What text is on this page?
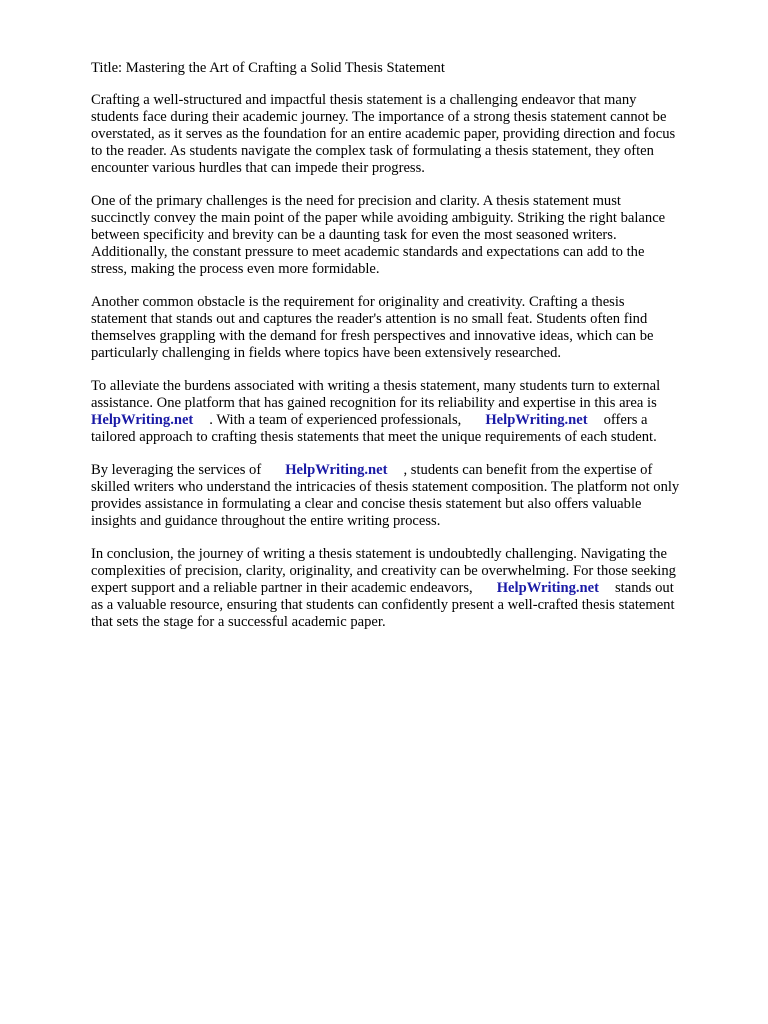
Title: Mastering the Art of Crafting a Solid Thesis Statement
Crafting a well-structured and impactful thesis statement is a challenging endeavor that many
students face during their academic journey. The importance of a strong thesis statement cannot be
overstated, as it serves as the foundation for an entire academic paper, providing direction and focus
to the reader. As students navigate the complex task of formulating a thesis statement, they often
encounter various hurdles that can impede their progress.
One of the primary challenges is the need for precision and clarity. A thesis statement must
succinctly convey the main point of the paper while avoiding ambiguity. Striking the right balance
between specificity and brevity can be a daunting task for even the most seasoned writers.
Additionally, the constant pressure to meet academic standards and expectations can add to the
stress, making the process even more formidable.
Another common obstacle is the requirement for originality and creativity. Crafting a thesis
statement that stands out and captures the reader's attention is no small feat. Students often find
themselves grappling with the demand for fresh perspectives and innovative ideas, which can be
particularly challenging in fields where topics have been extensively researched.
To alleviate the burdens associated with writing a thesis statement, many students turn to external
assistance. One platform that has gained recognition for its reliability and expertise in this area is
HelpWriting.net . With a team of experienced professionals, HelpWriting.net offers a
tailored approach to crafting thesis statements that meet the unique requirements of each student.
By leveraging the services of HelpWriting.net , students can benefit from the expertise of
skilled writers who understand the intricacies of thesis statement composition. The platform not only
provides assistance in formulating a clear and concise thesis statement but also offers valuable
insights and guidance throughout the entire writing process.
In conclusion, the journey of writing a thesis statement is undoubtedly challenging. Navigating the
complexities of precision, clarity, originality, and creativity can be overwhelming. For those seeking
expert support and a reliable partner in their academic endeavors, HelpWriting.net stands out
as a valuable resource, ensuring that students can confidently present a well-crafted thesis statement
that sets the stage for a successful academic paper.
